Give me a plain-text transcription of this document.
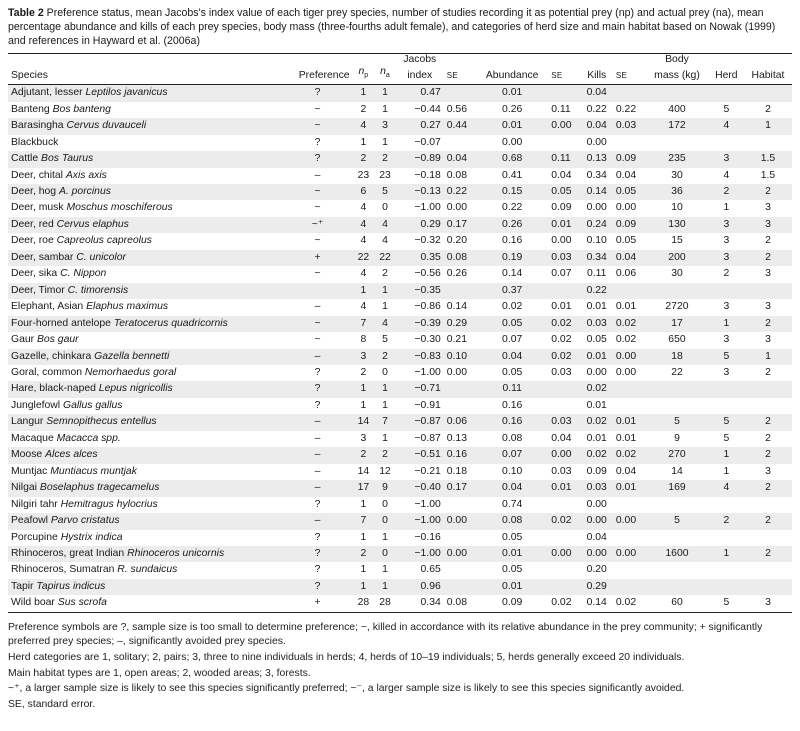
Table 2 Preference status, mean Jacobs's index value of each tiger prey species, number of studies recording it as potential prey (np) and actual prey (na), mean percentage abundance and kills of each prey species, body mass (three-fourths adult female), and categories of herd size and main habitat based on Nowak (1999) and references in Hayward et al. (2006a)
				Jacobs						Body		
Species	Preference	$n_p$	$n_a$	index	SE	Abundance	SE	Kills	SE	mass (kg)	Herd	Habitat
Adjutant, lesser Leptilos javanicus	?	1	1	0.47		0.01		0.04				
Banteng Bos banteng	~	2	1	−0.44	0.56	0.26	0.11	0.22	0.22	400	5	2
Barasingha Cervus duvauceli	~	4	3	0.27	0.44	0.01	0.00	0.04	0.03	172	4	1
Blackbuck	?	1	1	−0.07		0.00		0.00				
Cattle Bos Taurus	?	2	2	−0.89	0.04	0.68	0.11	0.13	0.09	235	3	1.5
Deer, chital Axis axis	–	23	23	−0.18	0.08	0.41	0.04	0.34	0.04	30	4	1.5
Deer, hog A. porcinus	~	6	5	−0.13	0.22	0.15	0.05	0.14	0.05	36	2	2
Deer, musk Moschus moschiferous	~	4	0	−1.00	0.00	0.22	0.09	0.00	0.00	10	1	3
Deer, red Cervus elaphus	~⁺	4	4	0.29	0.17	0.26	0.01	0.24	0.09	130	3	3
Deer, roe Capreolus capreolus	~	4	4	−0.32	0.20	0.16	0.00	0.10	0.05	15	3	2
Deer, sambar C. unicolor	+	22	22	0.35	0.08	0.19	0.03	0.34	0.04	200	3	2
Deer, sika C. Nippon	~	4	2	−0.56	0.26	0.14	0.07	0.11	0.06	30	2	3
Deer, Timor C. timorensis		1	1	−0.35		0.37		0.22				
Elephant, Asian Elaphus maximus	–	4	1	−0.86	0.14	0.02	0.01	0.01	0.01	2720	3	3
Four-horned antelope Teratocerus quadricornis	~	7	4	−0.39	0.29	0.05	0.02	0.03	0.02	17	1	2
Gaur Bos gaur	~	8	5	−0.30	0.21	0.07	0.02	0.05	0.02	650	3	3
Gazelle, chinkara Gazella bennetti	–	3	2	−0.83	0.10	0.04	0.02	0.01	0.00	18	5	1
Goral, common Nemorhaedus goral	?	2	0	−1.00	0.00	0.05	0.03	0.00	0.00	22	3	2
Hare, black-naped Lepus nigricollis	?	1	1	−0.71		0.11		0.02				
Junglefowl Gallus gallus	?	1	1	−0.91		0.16		0.01				
Langur Semnopithecus entellus	–	14	7	−0.87	0.06	0.16	0.03	0.02	0.01	5	5	2
Macaque Macacca spp.	–	3	1	−0.87	0.13	0.08	0.04	0.01	0.01	9	5	2
Moose Alces alces	–	2	2	−0.51	0.16	0.07	0.00	0.02	0.02	270	1	2
Muntjac Muntiacus muntjak	–	14	12	−0.21	0.18	0.10	0.03	0.09	0.04	14	1	3
Nilgai Boselaphus tragecamelus	–	17	9	−0.40	0.17	0.04	0.01	0.03	0.01	169	4	2
Nilgiri tahr Hemitragus hylocrius	?	1	0	−1.00		0.74		0.00				
Peafowl Parvo cristatus	–	7	0	−1.00	0.00	0.08	0.02	0.00	0.00	5	2	2
Porcupine Hystrix indica	?	1	1	−0.16		0.05		0.04				
Rhinoceros, great Indian Rhinoceros unicornis	?	2	0	−1.00	0.00	0.01	0.00	0.00	0.00	1600	1	2
Rhinoceros, Sumatran R. sundaicus	?	1	1	0.65		0.05		0.20				
Tapir Tapirus indicus	?	1	1	0.96		0.01		0.29				
Wild boar Sus scrofa	+	28	28	0.34	0.08	0.09	0.02	0.14	0.02	60	5	3

Preference symbols are ?, sample size is too small to determine preference; ~, killed in accordance with its relative abundance in the prey community; + significantly preferred prey species; –, significantly avoided prey species.

Herd categories are 1, solitary; 2, pairs; 3, three to nine individuals in herds; 4, herds of 10–19 individuals; 5, herds generally exceed 20 individuals.

Main habitat types are 1, open areas; 2, wooded areas; 3, forests.

~⁺, a larger sample size is likely to see this species significantly preferred; ~⁻, a larger sample size is likely to see this species significantly avoided.

SE, standard error.
